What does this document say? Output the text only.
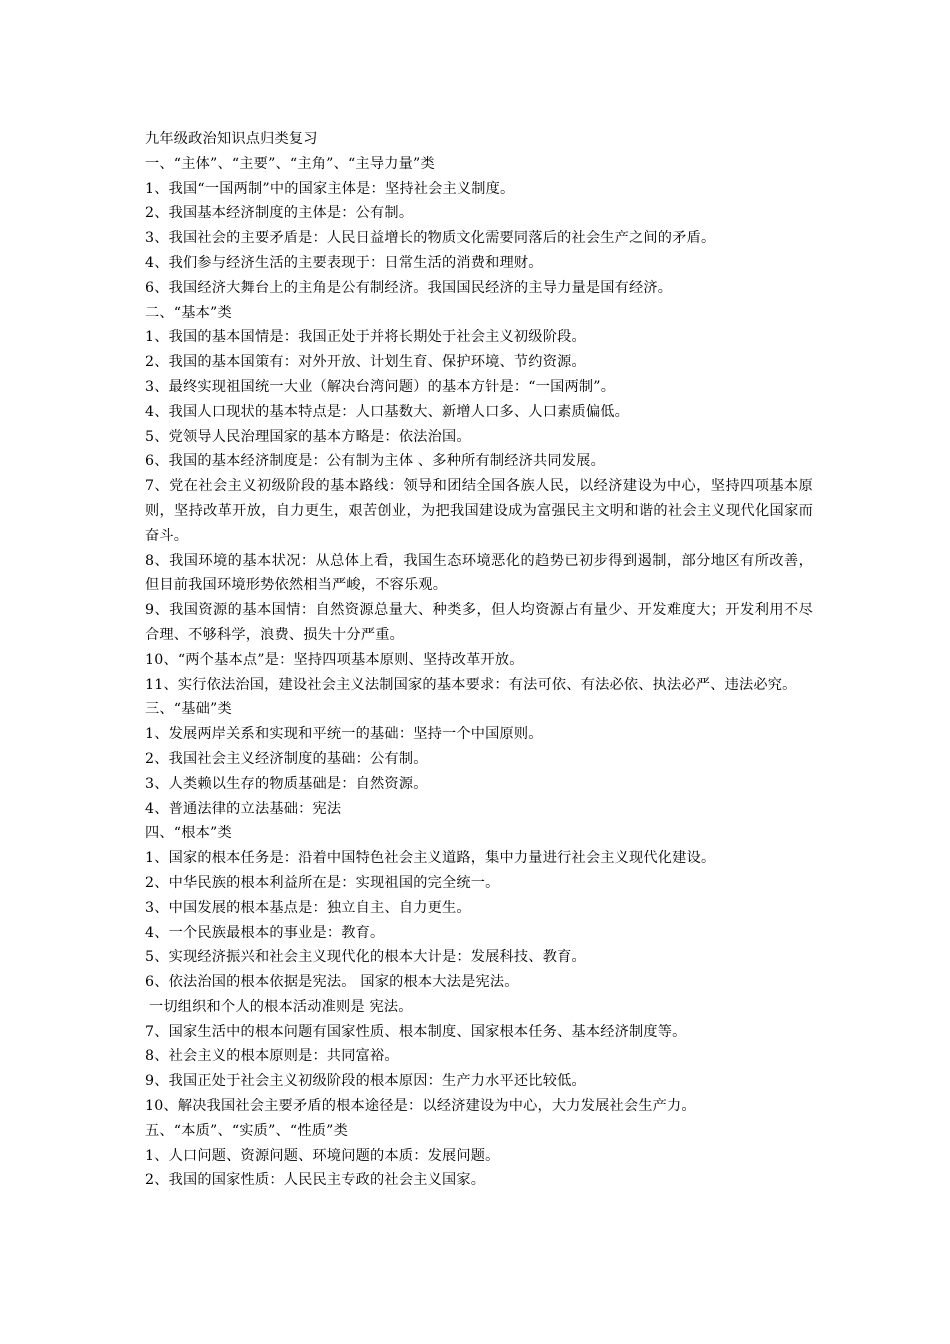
九年级政治知识点归类复习

一、“主体”、“主要”、“主角”、“主导力量”类

1、我国“一国两制”中的国家主体是：坚持社会主义制度。

2、我国基本经济制度的主体是：公有制。

3、我国社会的主要矛盾是：人民日益增长的物质文化需要同落后的社会生产之间的矛盾。

4、我们参与经济生活的主要表现于：日常生活的消费和理财。

6、我国经济大舞台上的主角是公有制经济。我国国民经济的主导力量是国有经济。

二、“基本”类

1、我国的基本国情是：我国正处于并将长期处于社会主义初级阶段。

2、我国的基本国策有：对外开放、计划生育、保护环境、节约资源。

3、最终实现祖国统一大业（解决台湾问题）的基本方针是：“一国两制”。

4、我国人口现状的基本特点是：人口基数大、新增人口多、人口素质偏低。

5、党领导人民治理国家的基本方略是：依法治国。

6、我国的基本经济制度是：公有制为主体 、多种所有制经济共同发展。

7、党在社会主义初级阶段的基本路线：领导和团结全国各族人民，以经济建设为中心，坚持四项基本原则，坚持改革开放，自力更生，艰苦创业，为把我国建设成为富强民主文明和谐的社会主义现代化国家而奋斗。

8、我国环境的基本状况：从总体上看，我国生态环境恶化的趋势已初步得到遏制，部分地区有所改善，但目前我国环境形势依然相当严峻，不容乐观。

9、我国资源的基本国情：自然资源总量大、种类多，但人均资源占有量少、开发难度大；开发利用不尽合理、不够科学，浪费、损失十分严重。

10、“两个基本点”是：坚持四项基本原则、坚持改革开放。

11、实行依法治国，建设社会主义法制国家的基本要求：有法可依、有法必依、执法必严、违法必究。

三、“基础”类

1、发展两岸关系和实现和平统一的基础：坚持一个中国原则。

2、我国社会主义经济制度的基础：公有制。

3、人类赖以生存的物质基础是：自然资源。

4、普通法律的立法基础：宪法

四、“根本”类

1、国家的根本任务是：沿着中国特色社会主义道路，集中力量进行社会主义现代化建设。

2、中华民族的根本利益所在是：实现祖国的完全统一。

3、中国发展的根本基点是：独立自主、自力更生。

4、一个民族最根本的事业是：教育。

5、实现经济振兴和社会主义现代化的根本大计是：发展科技、教育。

6、依法治国的根本依据是宪法。 国家的根本大法是宪法。

一切组织和个人的根本活动准则是 宪法。

7、国家生活中的根本问题有国家性质、根本制度、国家根本任务、基本经济制度等。

8、社会主义的根本原则是：共同富裕。

9、我国正处于社会主义初级阶段的根本原因：生产力水平还比较低。

10、解决我国社会主要矛盾的根本途径是：以经济建设为中心，大力发展社会生产力。

五、“本质”、“实质”、“性质”类

1、人口问题、资源问题、环境问题的本质：发展问题。

2、我国的国家性质：人民民主专政的社会主义国家。
